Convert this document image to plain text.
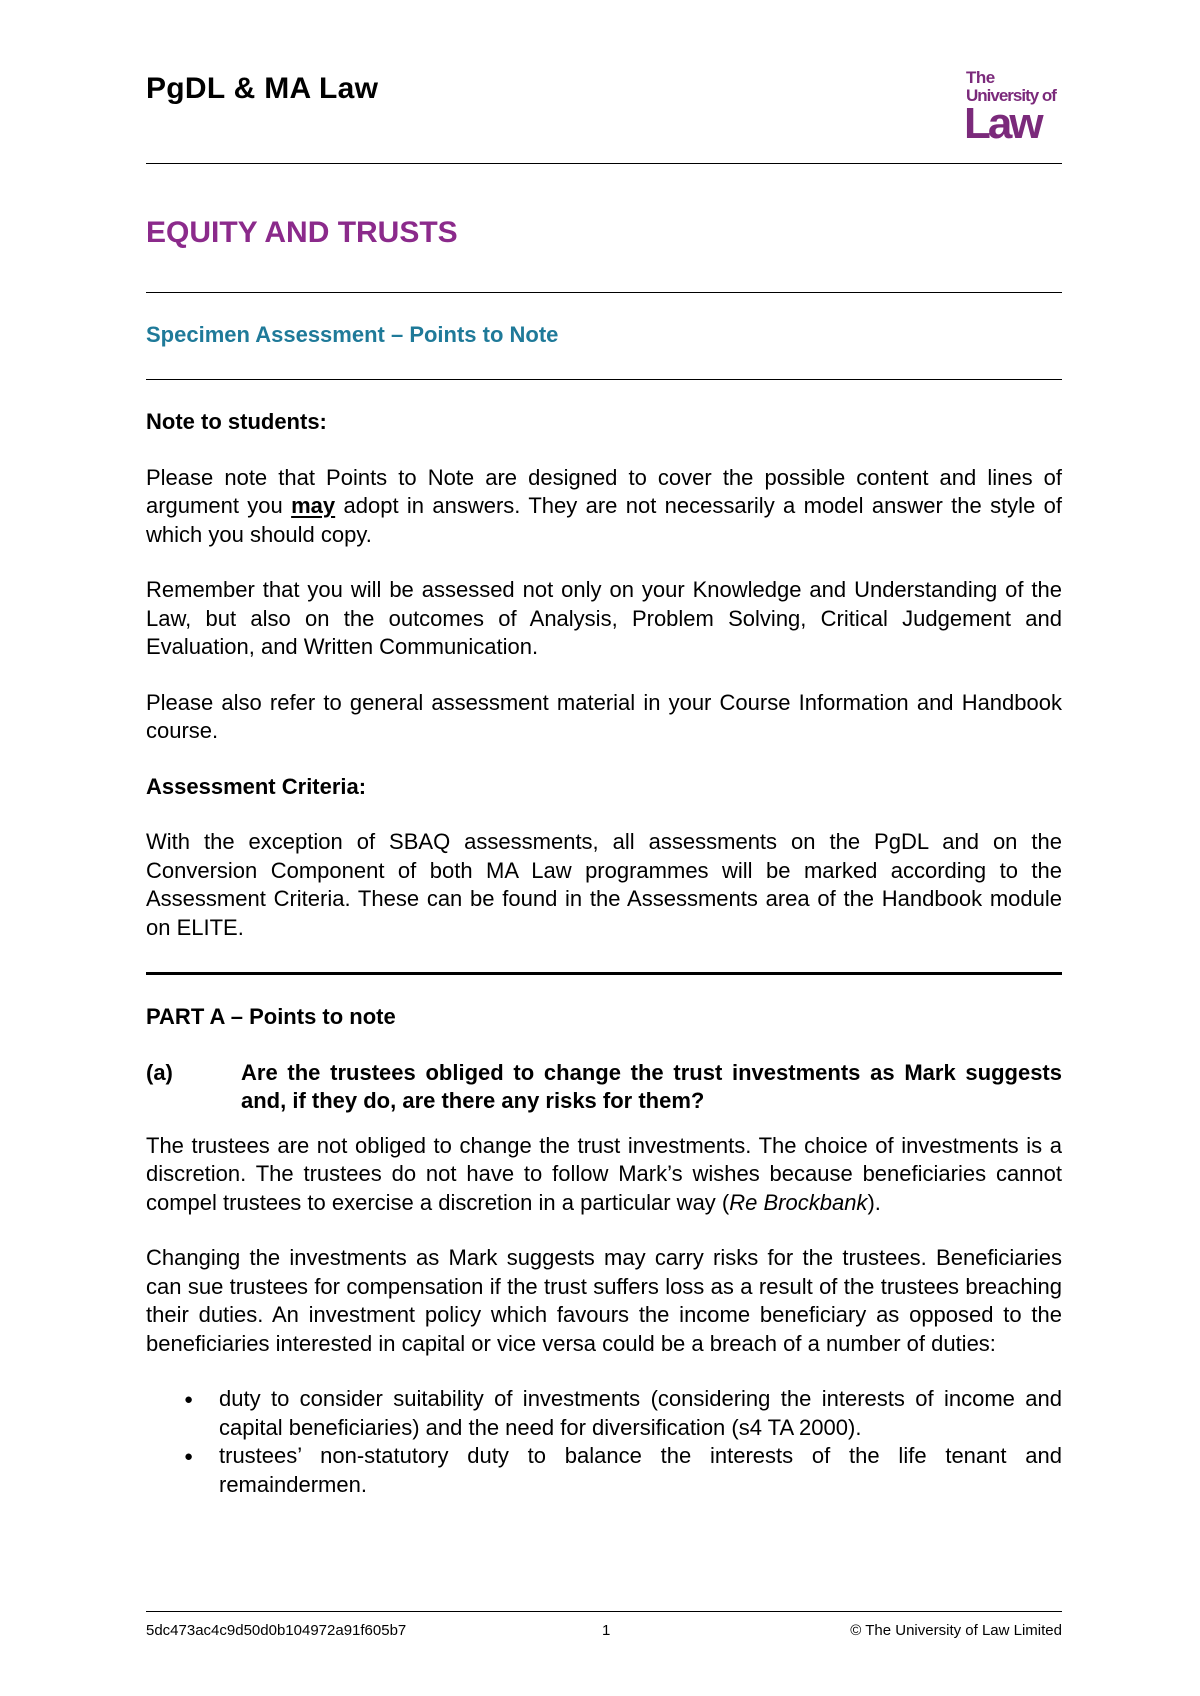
PgDL & MA Law	The
University of
Law
EQUITY AND TRUSTS
Specimen Assessment – Points to Note

Note to students:

Please note that Points to Note are designed to cover the possible content and lines of argument you may adopt in answers. They are not necessarily a model answer the style of which you should copy.

Remember that you will be assessed not only on your Knowledge and Understanding of the Law, but also on the outcomes of Analysis, Problem Solving, Critical Judgement and Evaluation, and Written Communication.

Please also refer to general assessment material in your Course Information and Handbook course.

Assessment Criteria:

With the exception of SBAQ assessments, all assessments on the PgDL and on the Conversion Component of both MA Law programmes will be marked according to the Assessment Criteria. These can be found in the Assessments area of the Handbook module on ELITE.

PART A – Points to note

(a)	Are the trustees obliged to change the trust investments as Mark suggests and, if they do, are there any risks for them?

The trustees are not obliged to change the trust investments. The choice of investments is a discretion. The trustees do not have to follow Mark’s wishes because beneficiaries cannot compel trustees to exercise a discretion in a particular way (Re Brockbank).

Changing the investments as Mark suggests may carry risks for the trustees. Beneficiaries can sue trustees for compensation if the trust suffers loss as a result of the trustees breaching their duties. An investment policy which favours the income beneficiary as opposed to the beneficiaries interested in capital or vice versa could be a breach of a number of duties:

●
duty to consider suitability of investments (considering the interests of income and capital beneficiaries) and the need for diversification (s4 TA 2000).
●
trustees’ non-statutory duty to balance the interests of the life tenant and remaindermen.
5dc473ac4c9d50d0b104972a91f605b7	1	© The University of Law Limited
